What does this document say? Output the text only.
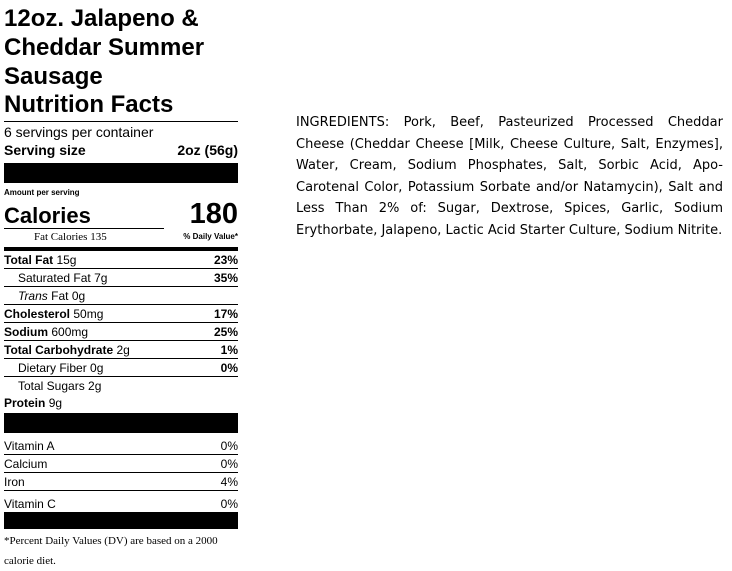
12oz. Jalapeno &
Cheddar Summer
Sausage
Nutrition Facts
6 servings per container
Serving size	2oz (56g)
Amount per serving
Calories	180
Fat Calories 135	% Daily Value*
Total Fat 15g	23%
Saturated Fat 7g	35%
Trans Fat 0g
Cholesterol 50mg	17%
Sodium 600mg	25%
Total Carbohydrate 2g	1%
Dietary Fiber 0g	0%
Total Sugars 2g
Protein 9g
Vitamin A	0%
Calcium	0%
Iron	4%
Vitamin C	0%
*Percent Daily Values (DV) are based on a 2000 calorie diet.
INGREDIENTS: Pork, Beef, Pasteurized Processed Cheddar Cheese (Cheddar Cheese [Milk, Cheese Culture, Salt, Enzymes], Water, Cream, Sodium Phosphates, Salt, Sorbic Acid, Apo-Carotenal Color, Potassium Sorbate and/or Natamycin), Salt and Less Than 2% of: Sugar, Dextrose, Spices, Garlic, Sodium Erythorbate, Jalapeno, Lactic Acid Starter Culture, Sodium Nitrite.
